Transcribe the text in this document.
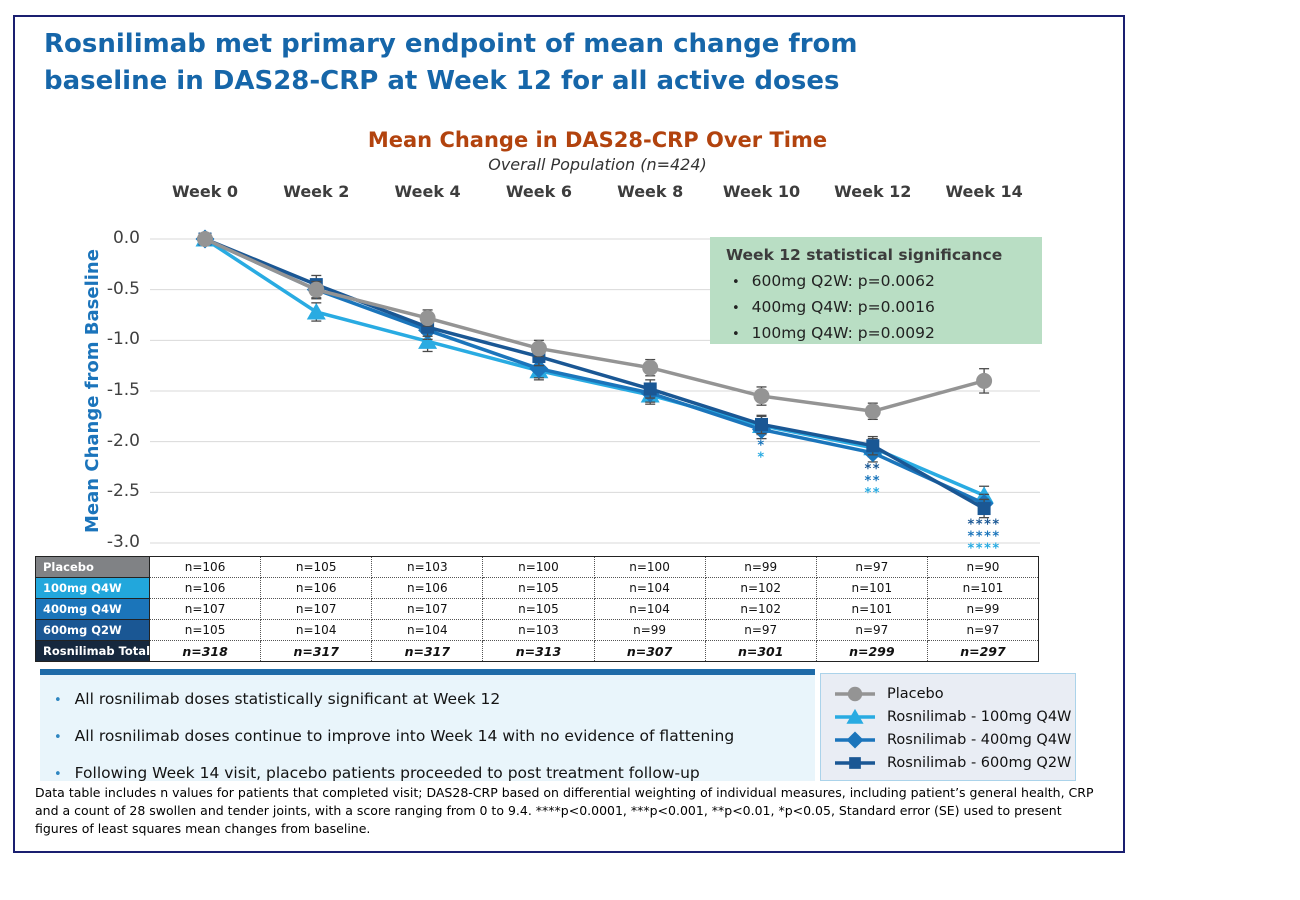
Rosnilimab met primary endpoint of mean change from
baseline in DAS28-CRP at Week 12 for all active doses
Mean Change in DAS28-CRP Over Time
Overall Population (n=424)
Week 0	Week 2	Week 4	Week 6	Week 8	Week 10	Week 12	Week 14
Mean Change from Baseline
0.0
-0.5
-1.0
-1.5
-2.0
-2.5
-3.0
*
*
**
**
**
****
****
****
Week 12 statistical significance
• 600mg Q2W: p=0.0062
• 400mg Q4W: p=0.0016
• 100mg Q4W: p=0.0092
Placebo	n=106	n=105	n=103	n=100	n=100	n=99	n=97	n=90
100mg Q4W	n=106	n=106	n=106	n=105	n=104	n=102	n=101	n=101
400mg Q4W	n=107	n=107	n=107	n=105	n=104	n=102	n=101	n=99
600mg Q2W	n=105	n=104	n=104	n=103	n=99	n=97	n=97	n=97
Rosnilimab Total	n=318	n=317	n=317	n=313	n=307	n=301	n=299	n=297
• All rosnilimab doses statistically significant at Week 12
• All rosnilimab doses continue to improve into Week 14 with no evidence of flattening
• Following Week 14 visit, placebo patients proceeded to post treatment follow-up
Placebo
Rosnilimab - 100mg Q4W
Rosnilimab - 400mg Q4W
Rosnilimab - 600mg Q2W

Data table includes n values for patients that completed visit; DAS28-CRP based on differential weighting of individual measures, including patient’s general health, CRP and a count of 28 swollen and tender joints, with a score ranging from 0 to 9.4. ****p<0.0001, ***p<0.001, **p<0.01, *p<0.05, Standard error (SE) used to present figures of least squares mean changes from baseline.
